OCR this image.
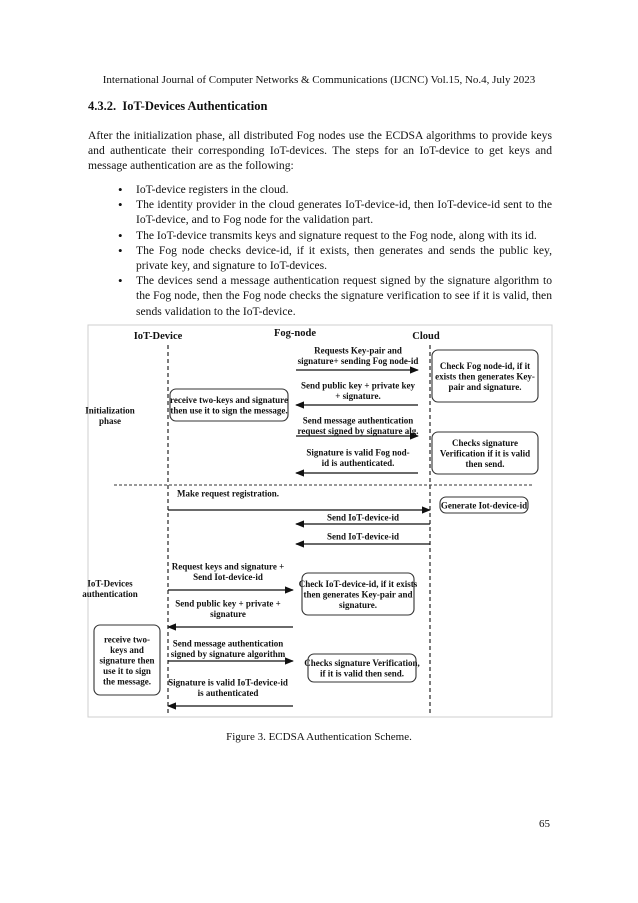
International Journal of Computer Networks & Communications (IJCNC) Vol.15, No.4, July 2023
4.3.2. IoT-Devices Authentication
After the initialization phase, all distributed Fog nodes use the ECDSA algorithms to provide keys and authenticate their corresponding IoT-devices. The steps for an IoT-device to get keys and message authentication are as the following:
• IoT-device registers in the cloud.
• The identity provider in the cloud generates IoT-device-id, then IoT-device-id sent to the IoT-device, and to Fog node for the validation part.
• The IoT-device transmits keys and signature request to the Fog node, along with its id.
• The Fog node checks device-id, if it exists, then generates and sends the public key, private key, and signature to IoT-devices.
• The devices send a message authentication request signed by the signature algorithm to the Fog node, then the Fog node checks the signature verification to see if it is valid, then sends validation to the IoT-device.
IoT-Device	Fog-node	Cloud
Initialization phase
IoT-Devices authentication
receive two-keys and signature then use it to sign the message.
Check Fog node-id, if it exists then generates Key-pair and signature.
Checks signature Verification if it is valid then send.
Generate Iot-device-id
Check IoT-device-id, if it exists then generates Key-pair and signature.
Checks signature Verification, if it is valid then send.
receive two-keys and signature then use it to sign the message.
Requests Key-pair and signature+ sending Fog node-id
Send public key + private key + signature.
Send message authentication request signed by signature alg.
Signature is valid Fog nod-id is authenticated.
Make request registration.
Send IoT-device-id
Send IoT-device-id
Request keys and signature + Send Iot-device-id
Send public key + private + signature
Send message authentication signed by signature algorithm
Signature is valid IoT-device-id is authenticated
Figure 3. ECDSA Authentication Scheme.
65
